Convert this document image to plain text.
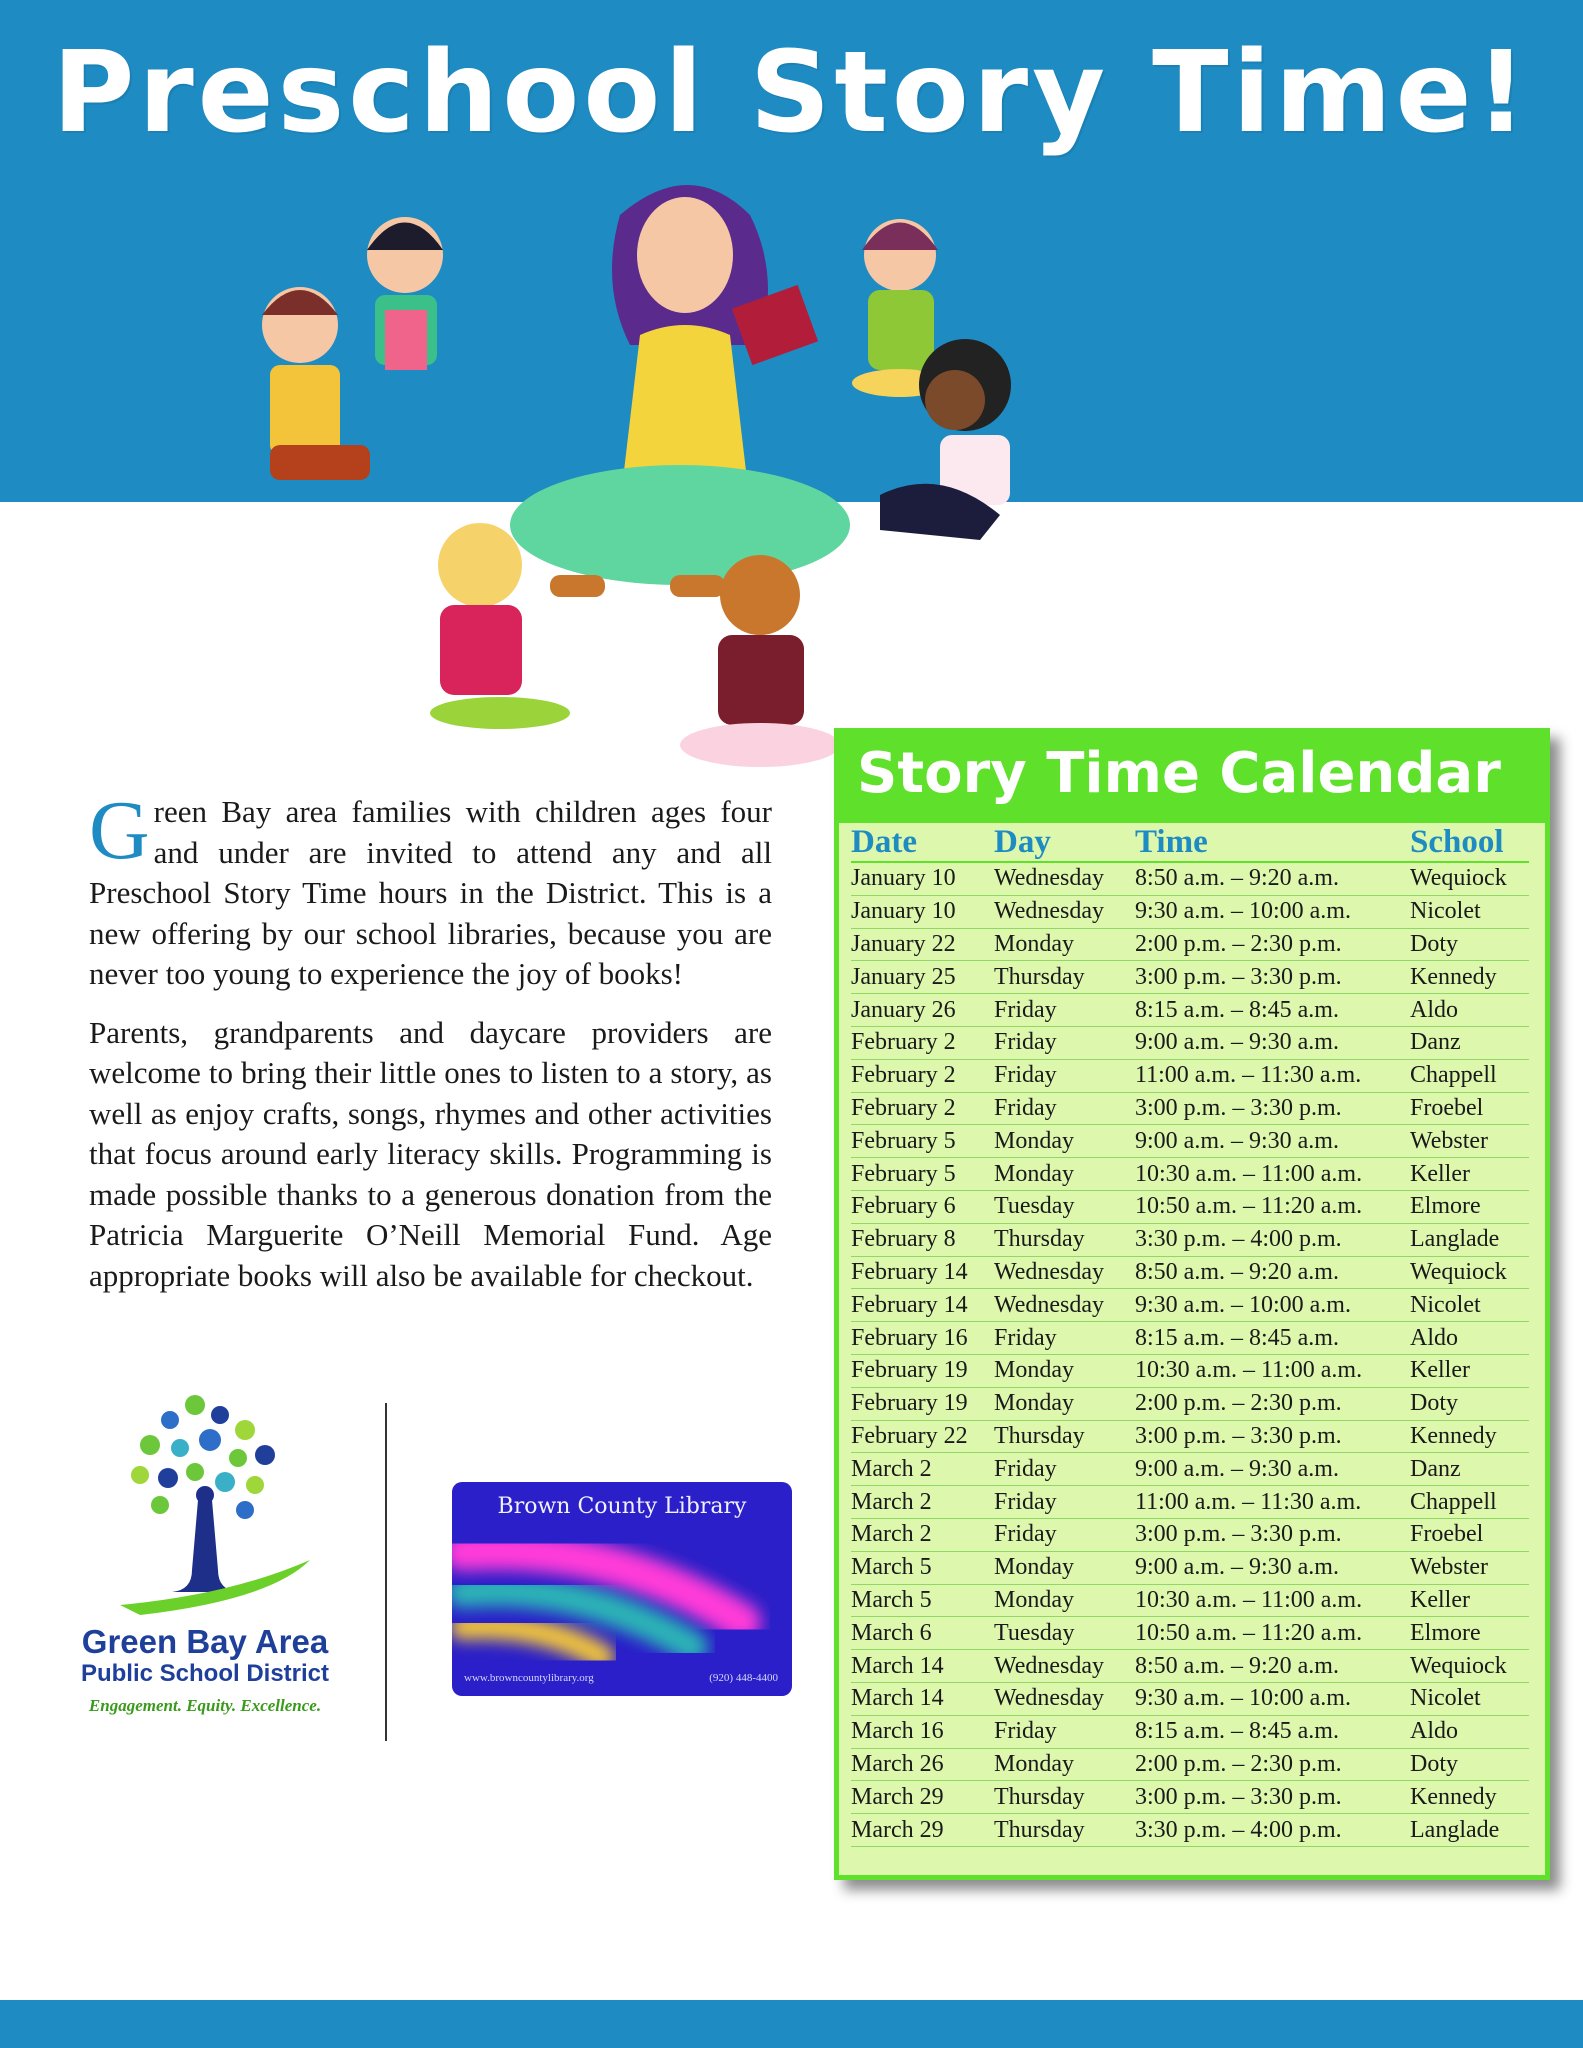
Preschool Story Time!

Green Bay area families with children ages four and under are invited to attend any and all Preschool Story Time hours in the District. This is a new offering by our school libraries, because you are never too young to experience the joy of books!

Parents, grandparents and daycare providers are welcome to bring their little ones to listen to a story, as well as enjoy crafts, songs, rhymes and other activities that focus around early literacy skills. Programming is made possible thanks to a generous donation from the Patricia Marguerite O’Neill Memorial Fund. Age appropriate books will also be available for checkout.

Green Bay Area
Public School District
Engagement. Equity. Excellence.
Brown County Library
www.browncountylibrary.org	(920) 448-4400
Story Time Calendar
Date	Day	Time	School
January 10	Wednesday	8:50 a.m. – 9:20 a.m.	Wequiock
January 10	Wednesday	9:30 a.m. – 10:00 a.m.	Nicolet
January 22	Monday	2:00 p.m. – 2:30 p.m.	Doty
January 25	Thursday	3:00 p.m. – 3:30 p.m.	Kennedy
January 26	Friday	8:15 a.m. – 8:45 a.m.	Aldo
February 2	Friday	9:00 a.m. – 9:30 a.m.	Danz
February 2	Friday	11:00 a.m. – 11:30 a.m.	Chappell
February 2	Friday	3:00 p.m. – 3:30 p.m.	Froebel
February 5	Monday	9:00 a.m. – 9:30 a.m.	Webster
February 5	Monday	10:30 a.m. – 11:00 a.m.	Keller
February 6	Tuesday	10:50 a.m. – 11:20 a.m.	Elmore
February 8	Thursday	3:30 p.m. – 4:00 p.m.	Langlade
February 14	Wednesday	8:50 a.m. – 9:20 a.m.	Wequiock
February 14	Wednesday	9:30 a.m. – 10:00 a.m.	Nicolet
February 16	Friday	8:15 a.m. – 8:45 a.m.	Aldo
February 19	Monday	10:30 a.m. – 11:00 a.m.	Keller
February 19	Monday	2:00 p.m. – 2:30 p.m.	Doty
February 22	Thursday	3:00 p.m. – 3:30 p.m.	Kennedy
March 2	Friday	9:00 a.m. – 9:30 a.m.	Danz
March 2	Friday	11:00 a.m. – 11:30 a.m.	Chappell
March 2	Friday	3:00 p.m. – 3:30 p.m.	Froebel
March 5	Monday	9:00 a.m. – 9:30 a.m.	Webster
March 5	Monday	10:30 a.m. – 11:00 a.m.	Keller
March 6	Tuesday	10:50 a.m. – 11:20 a.m.	Elmore
March 14	Wednesday	8:50 a.m. – 9:20 a.m.	Wequiock
March 14	Wednesday	9:30 a.m. – 10:00 a.m.	Nicolet
March 16	Friday	8:15 a.m. – 8:45 a.m.	Aldo
March 26	Monday	2:00 p.m. – 2:30 p.m.	Doty
March 29	Thursday	3:00 p.m. – 3:30 p.m.	Kennedy
March 29	Thursday	3:30 p.m. – 4:00 p.m.	Langlade
